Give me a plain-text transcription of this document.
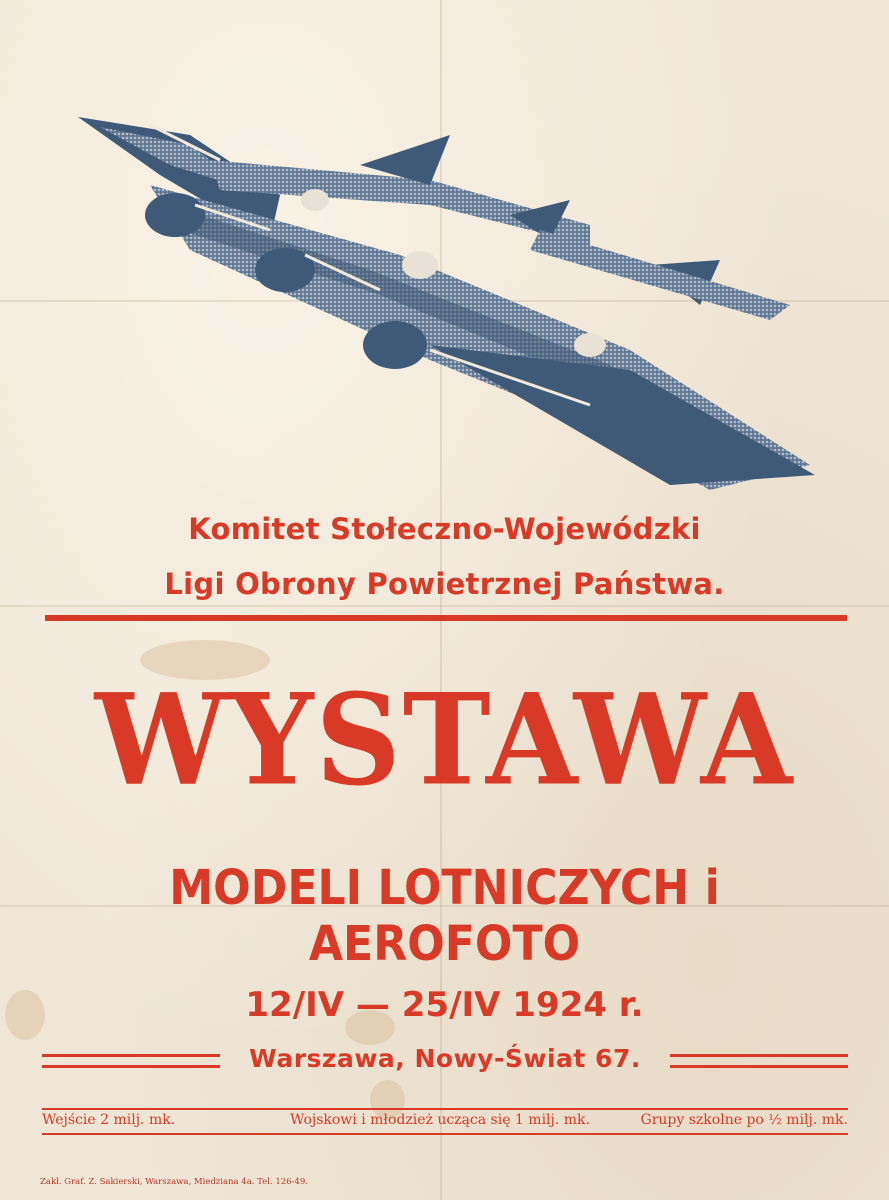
Komitet Stołeczno-Wojewódzki
Ligi Obrony Powietrznej Państwa.
WYSTAWA
MODELI LOTNICZYCH i AEROFOTO
12/IV — 25/IV 1924 r.
Warszawa, Nowy-Świat 67.
Wejście 2 milj. mk.	Wojskowi i młodzież ucząca się 1 milj. mk.	Grupy szkolne po ½ milj. mk.
Zakł. Graf. Z. Sakierski, Warszawa, Miedziana 4a. Tel. 126-49.
